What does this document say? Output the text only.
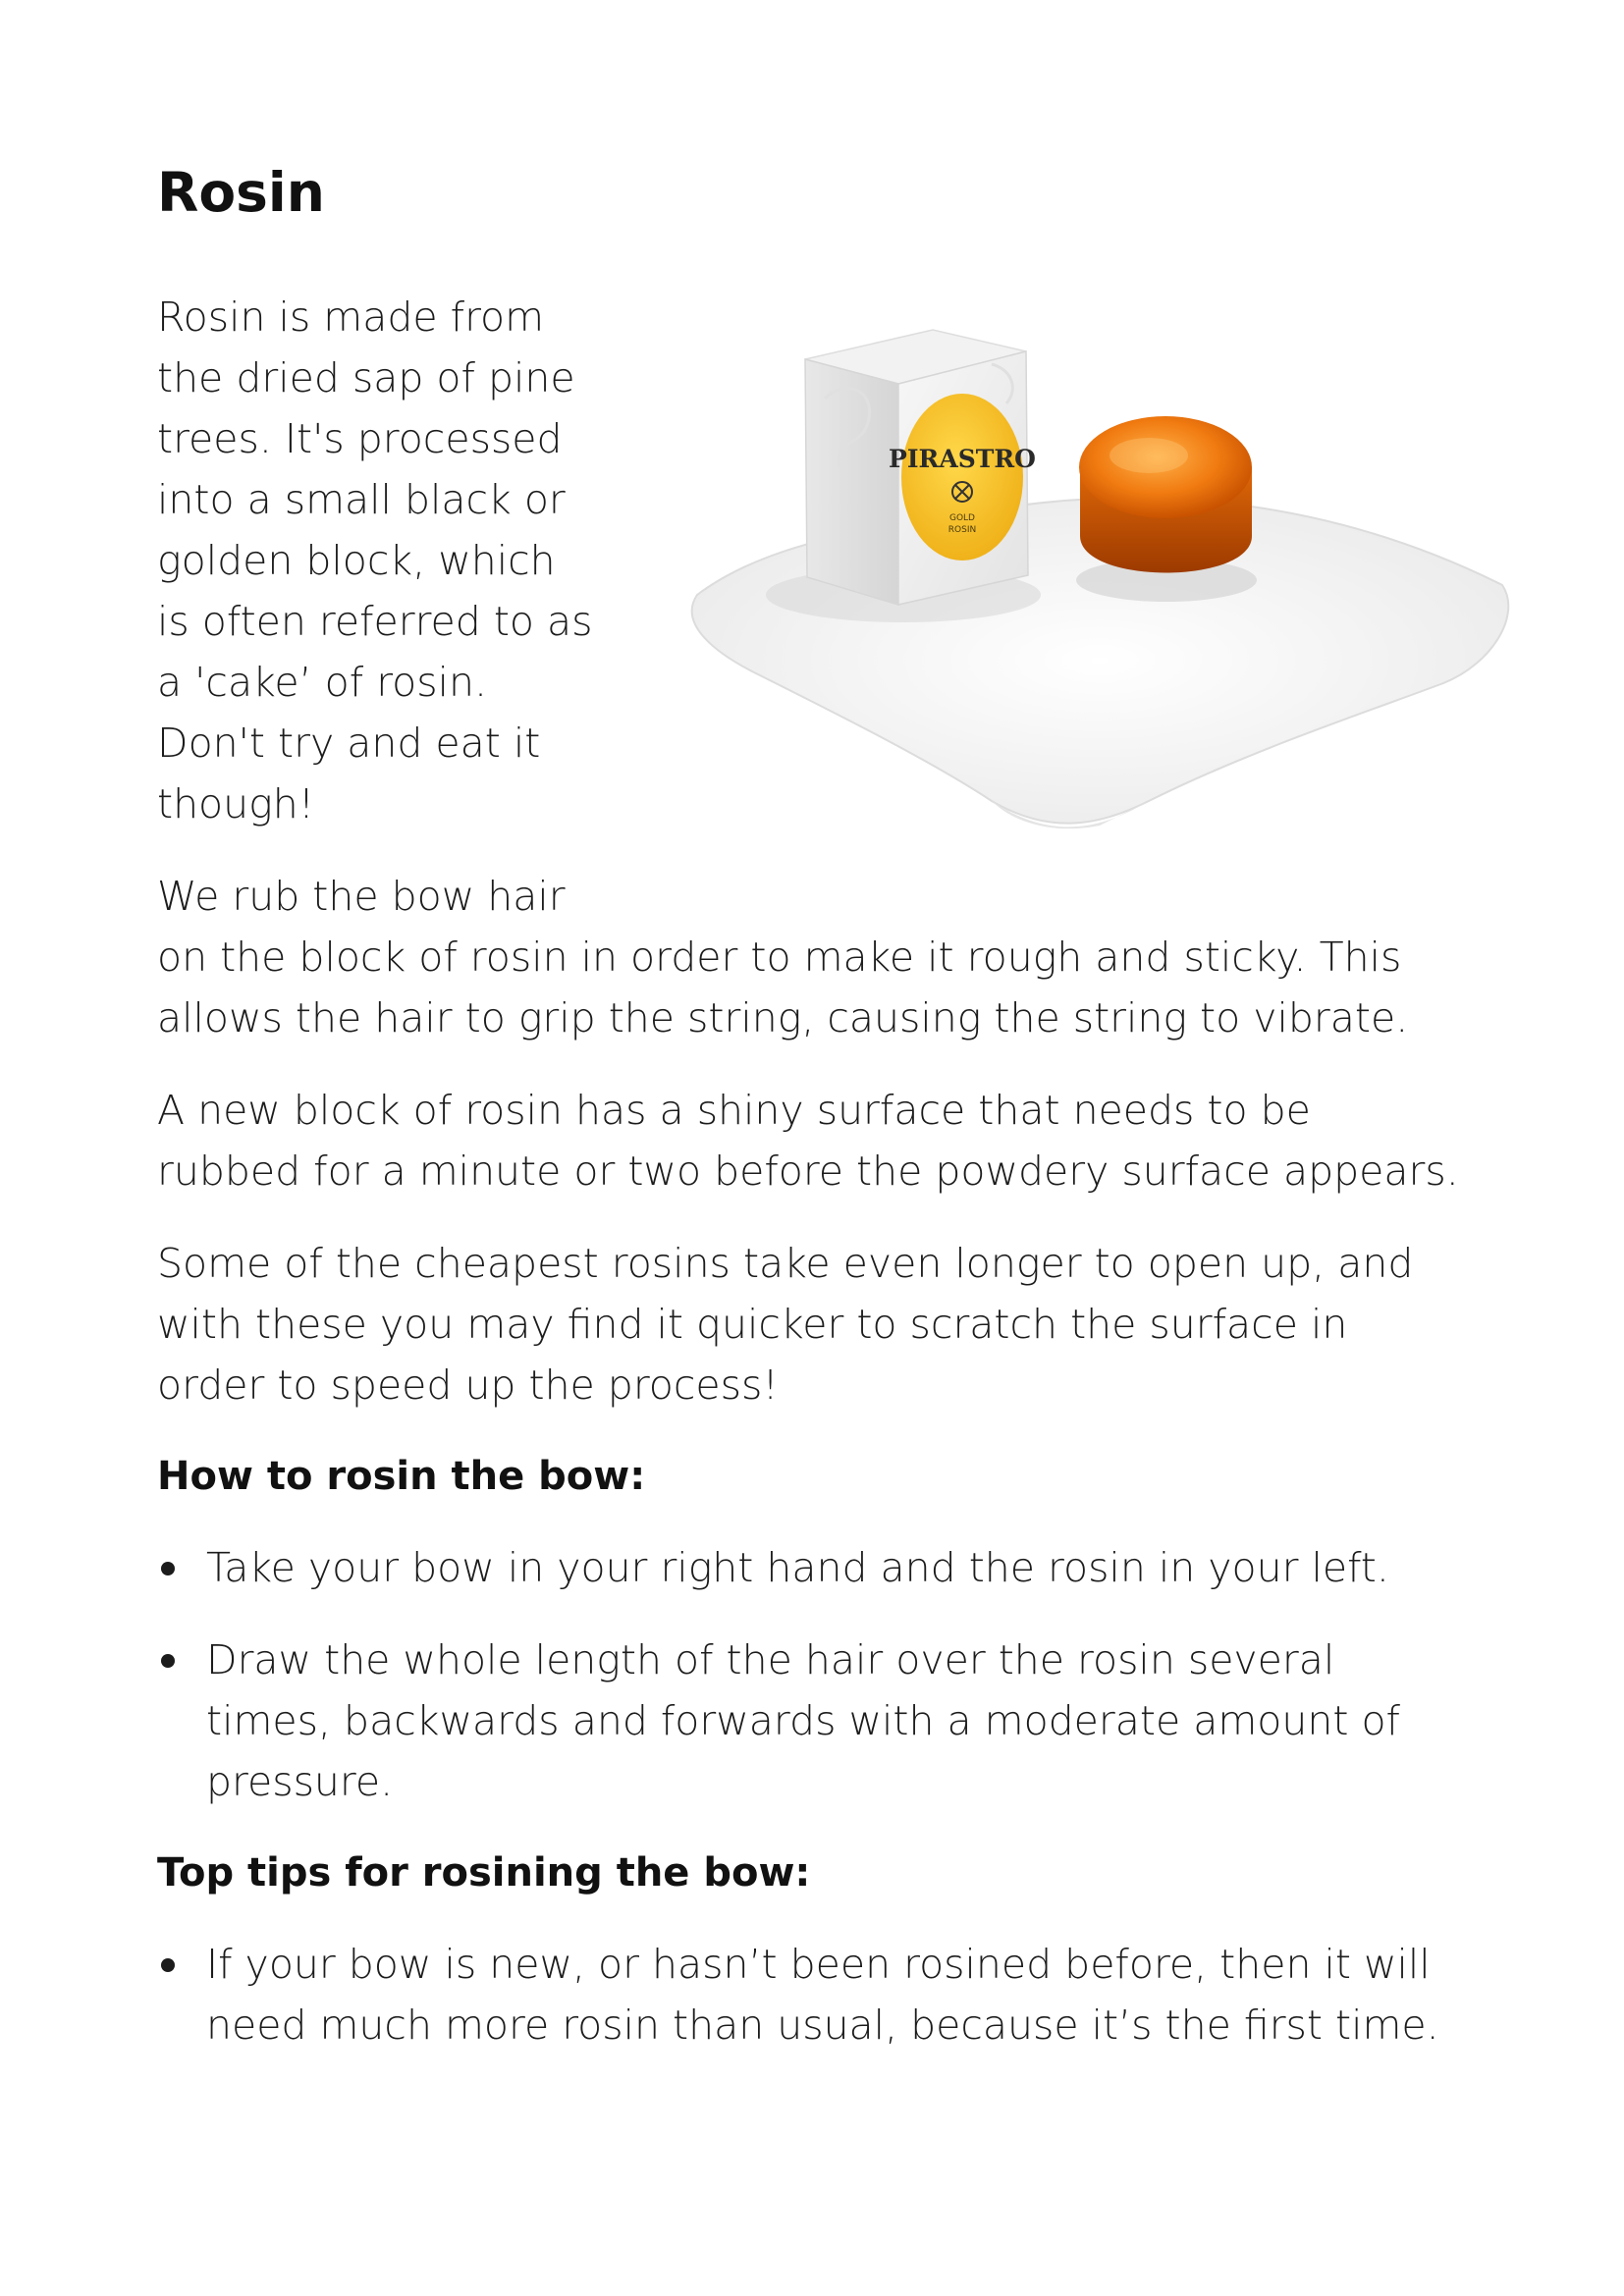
Rosin
PIRASTRO
GOLD
ROSIN

Rosin is made from the dried sap of pine trees. It's processed into a small black or golden block, which is often referred to as a 'cake’ of rosin. Don't try and eat it though!

We rub the bow hair on the block of rosin in order to make it rough and sticky. This allows the hair to grip the string, causing the string to vibrate.

A new block of rosin has a shiny surface that needs to be rubbed for a minute or two before the powdery surface appears.

Some of the cheapest rosins take even longer to open up, and with these you may find it quicker to scratch the surface in order to speed up the process!

How to rosin the bow:
Take your bow in your right hand and the rosin in your left.
Draw the whole length of the hair over the rosin several times, backwards and forwards with a moderate amount of pressure.
Top tips for rosining the bow:
If your bow is new, or hasn’t been rosined before, then it will need much more rosin than usual, because it’s the first time.
